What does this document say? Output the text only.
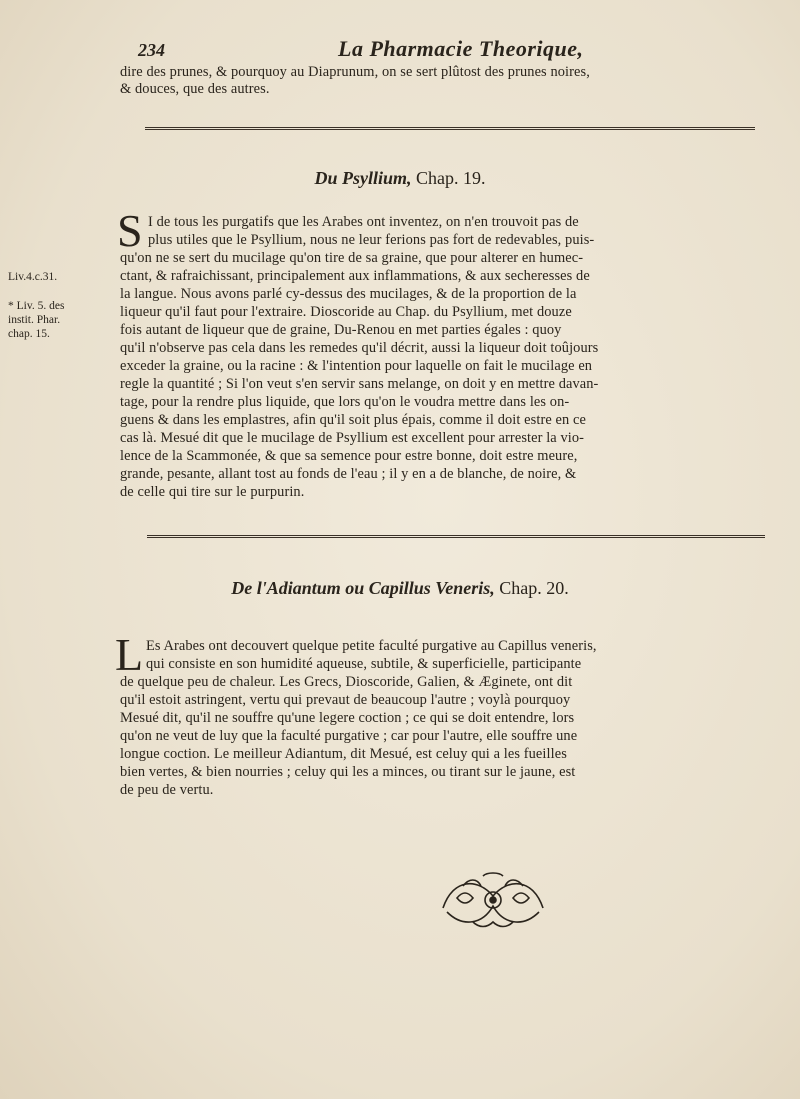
234	La Pharmacie Theorique,
dire des prunes, & pourquoy au Diaprunum, on se sert plûtost des prunes noires,
& douces, que des autres.
Du Psyllium, Chap. 19.
S I de tous les purgatifs que les Arabes ont inventez, on n'en trouvoit pas de
plus utiles que le Psyllium, nous ne leur ferions pas fort de redevables, puis-
qu'on ne se sert du mucilage qu'on tire de sa graine, que pour alterer en humec-
ctant, & rafraichissant, principalement aux inflammations, & aux secheresses de
la langue. Nous avons parlé cy-dessus des mucilages, & de la proportion de la
liqueur qu'il faut pour l'extraire. Dioscoride au Chap. du Psyllium, met douze
fois autant de liqueur que de graine, Du-Renou en met parties égales : quoy
qu'il n'observe pas cela dans les remedes qu'il décrit, aussi la liqueur doit toûjours
exceder la graine, ou la racine : & l'intention pour laquelle on fait le mucilage en
regle la quantité ; Si l'on veut s'en servir sans melange, on doit y en mettre davan-
tage, pour la rendre plus liquide, que lors qu'on le voudra mettre dans les on-
guens & dans les emplastres, afin qu'il soit plus épais, comme il doit estre en ce
cas là. Mesué dit que le mucilage de Psyllium est excellent pour arrester la vio-
lence de la Scammonée, & que sa semence pour estre bonne, doit estre meure,
grande, pesante, allant tost au fonds de l'eau ; il y en a de blanche, de noire, &
de celle qui tire sur le purpurin.
Liv.4.c.31.
* Liv. 5. des
instit. Phar.
chap. 15.
De l'Adiantum ou Capillus Veneris, Chap. 20.
L Es Arabes ont decouvert quelque petite faculté purgative au Capillus veneris,
qui consiste en son humidité aqueuse, subtile, & superficielle, participante
de quelque peu de chaleur. Les Grecs, Dioscoride, Galien, & Æginete, ont dit
qu'il estoit astringent, vertu qui prevaut de beaucoup l'autre ; voylà pourquoy
Mesué dit, qu'il ne souffre qu'une legere coction ; ce qui se doit entendre, lors
qu'on ne veut de luy que la faculté purgative ; car pour l'autre, elle souffre une
longue coction. Le meilleur Adiantum, dit Mesué, est celuy qui a les fueilles
bien vertes, & bien nourries ; celuy qui les a minces, ou tirant sur le jaune, est
de peu de vertu.
